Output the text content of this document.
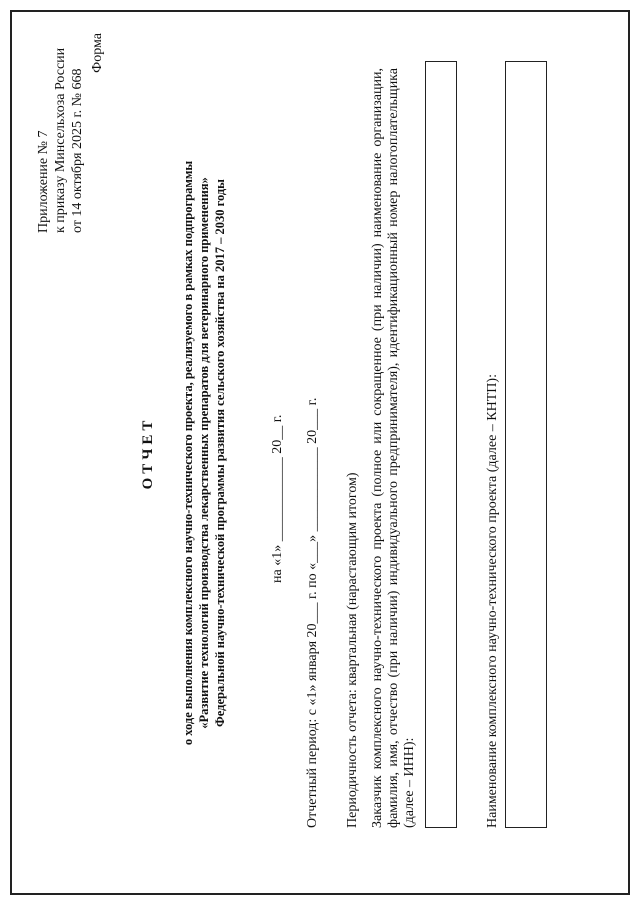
Приложение № 7 к приказу Минсельхоза России от 14 октября 2025 г. № 668
Форма
ОТЧЕТ о ходе выполнения комплексного научно-технического проекта, реализуемого в рамках подпрограммы «Развитие технологий производства лекарственных препаратов для ветеринарного применения» Федеральной научно-технической программы развития сельского хозяйства на 2017 – 2030 годы	на «1» ____________ 20__ г. Отчетный период: с «1» января 20___ г. по «___» ____________ 20___ г. Периодичность отчета: квартальная (нарастающим итогом) Заказчик комплексного научно-технического проекта (полное или сокращенное (при наличии) наименование организации, фамилия, имя, отчество (при наличии) индивидуального предпринимателя), идентификационный номер налогоплательщика (далее – ИНН):	Наименование комплексного научно-технического проекта (далее – КНТП):
